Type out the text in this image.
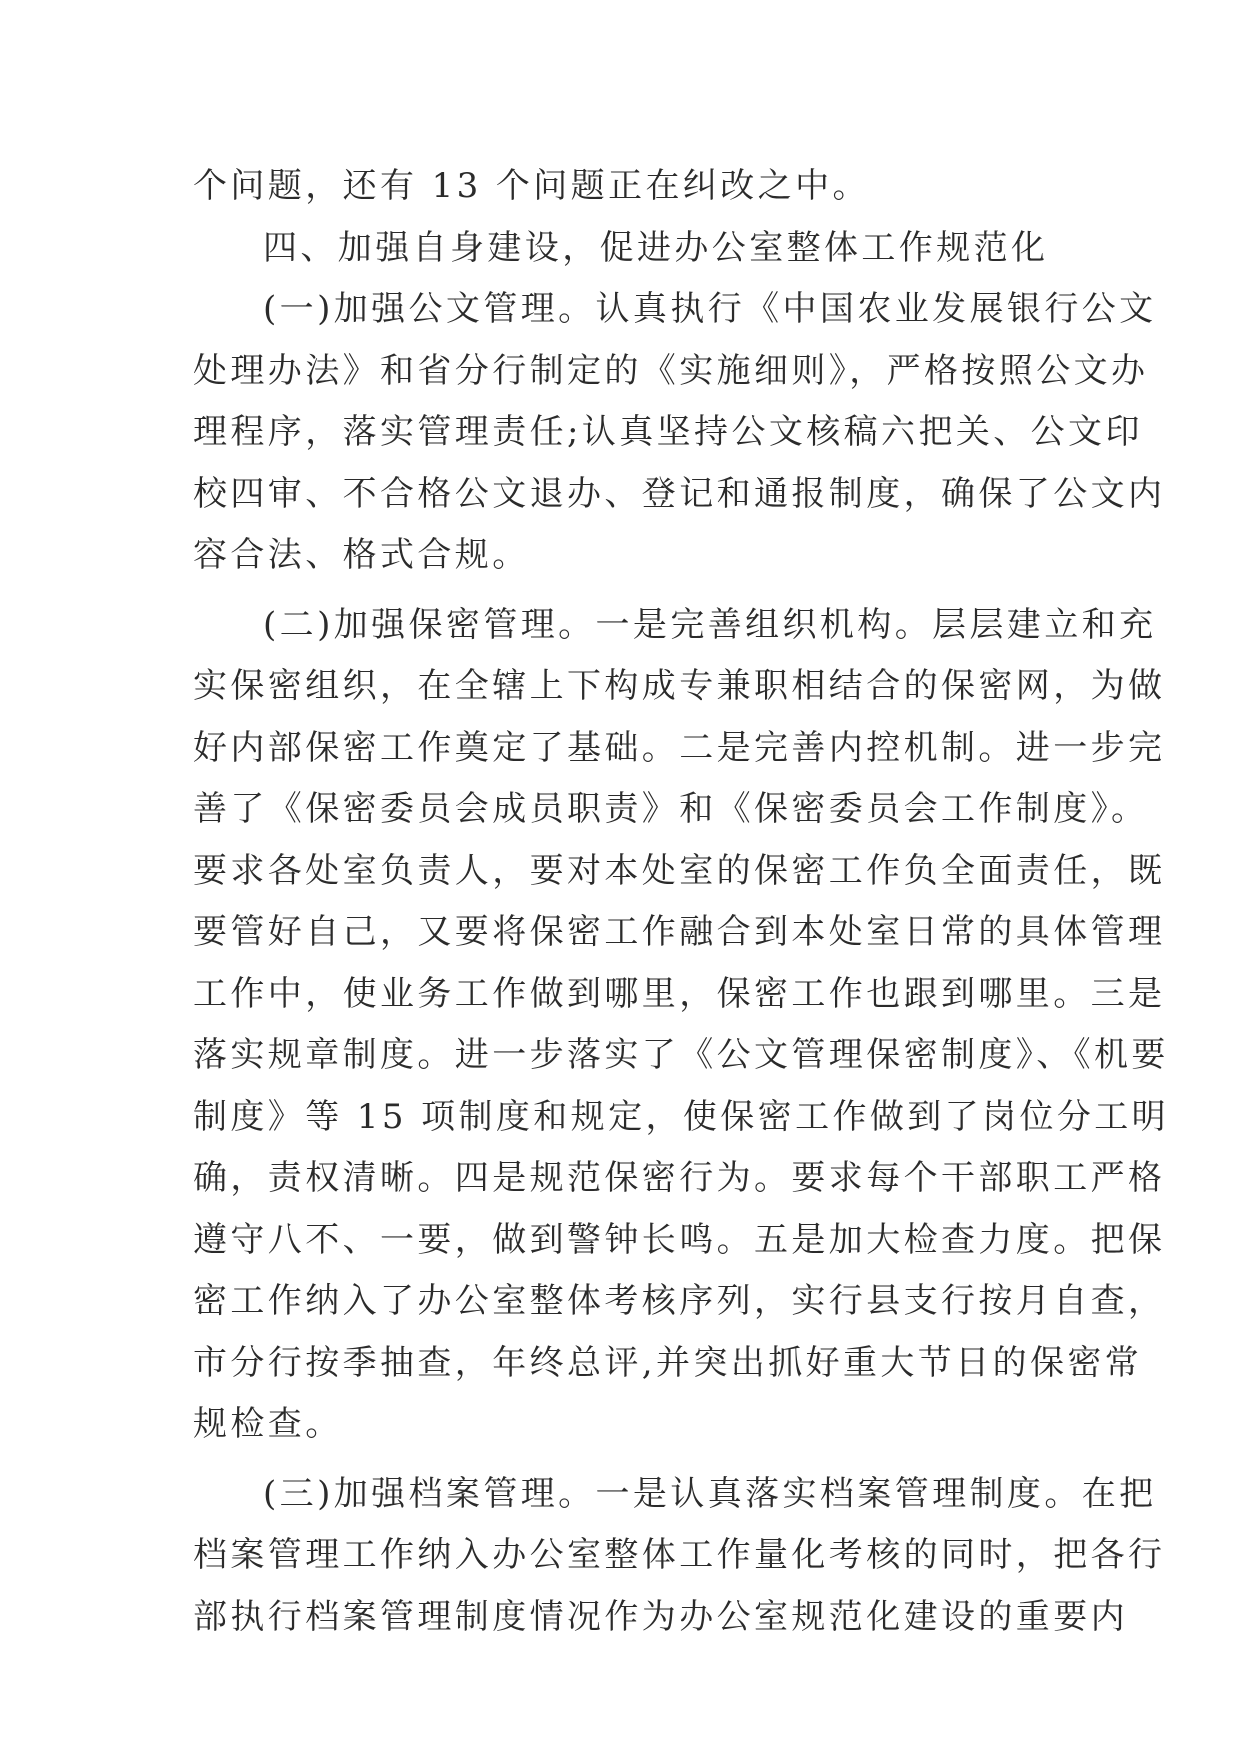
个问题，还有 13 个问题正在纠改之中。
四、加强自身建设，促进办公室整体工作规范化
(一)加强公文管理。认真执行《中国农业发展银行公文
处理办法》和省分行制定的《实施细则》，严格按照公文办
理程序，落实管理责任;认真坚持公文核稿六把关、公文印
校四审、不合格公文退办、登记和通报制度，确保了公文内
容合法、格式合规。
(二)加强保密管理。一是完善组织机构。层层建立和充
实保密组织，在全辖上下构成专兼职相结合的保密网，为做
好内部保密工作奠定了基础。二是完善内控机制。进一步完
善了《保密委员会成员职责》和《保密委员会工作制度》。
要求各处室负责人，要对本处室的保密工作负全面责任，既
要管好自己，又要将保密工作融合到本处室日常的具体管理
工作中，使业务工作做到哪里，保密工作也跟到哪里。三是
落实规章制度。进一步落实了《公文管理保密制度》、《机要
制度》等 15 项制度和规定，使保密工作做到了岗位分工明
确，责权清晰。四是规范保密行为。要求每个干部职工严格
遵守八不、一要，做到警钟长鸣。五是加大检查力度。把保
密工作纳入了办公室整体考核序列，实行县支行按月自查，
市分行按季抽查，年终总评,并突出抓好重大节日的保密常
规检查。
(三)加强档案管理。一是认真落实档案管理制度。在把
档案管理工作纳入办公室整体工作量化考核的同时，把各行
部执行档案管理制度情况作为办公室规范化建设的重要内
